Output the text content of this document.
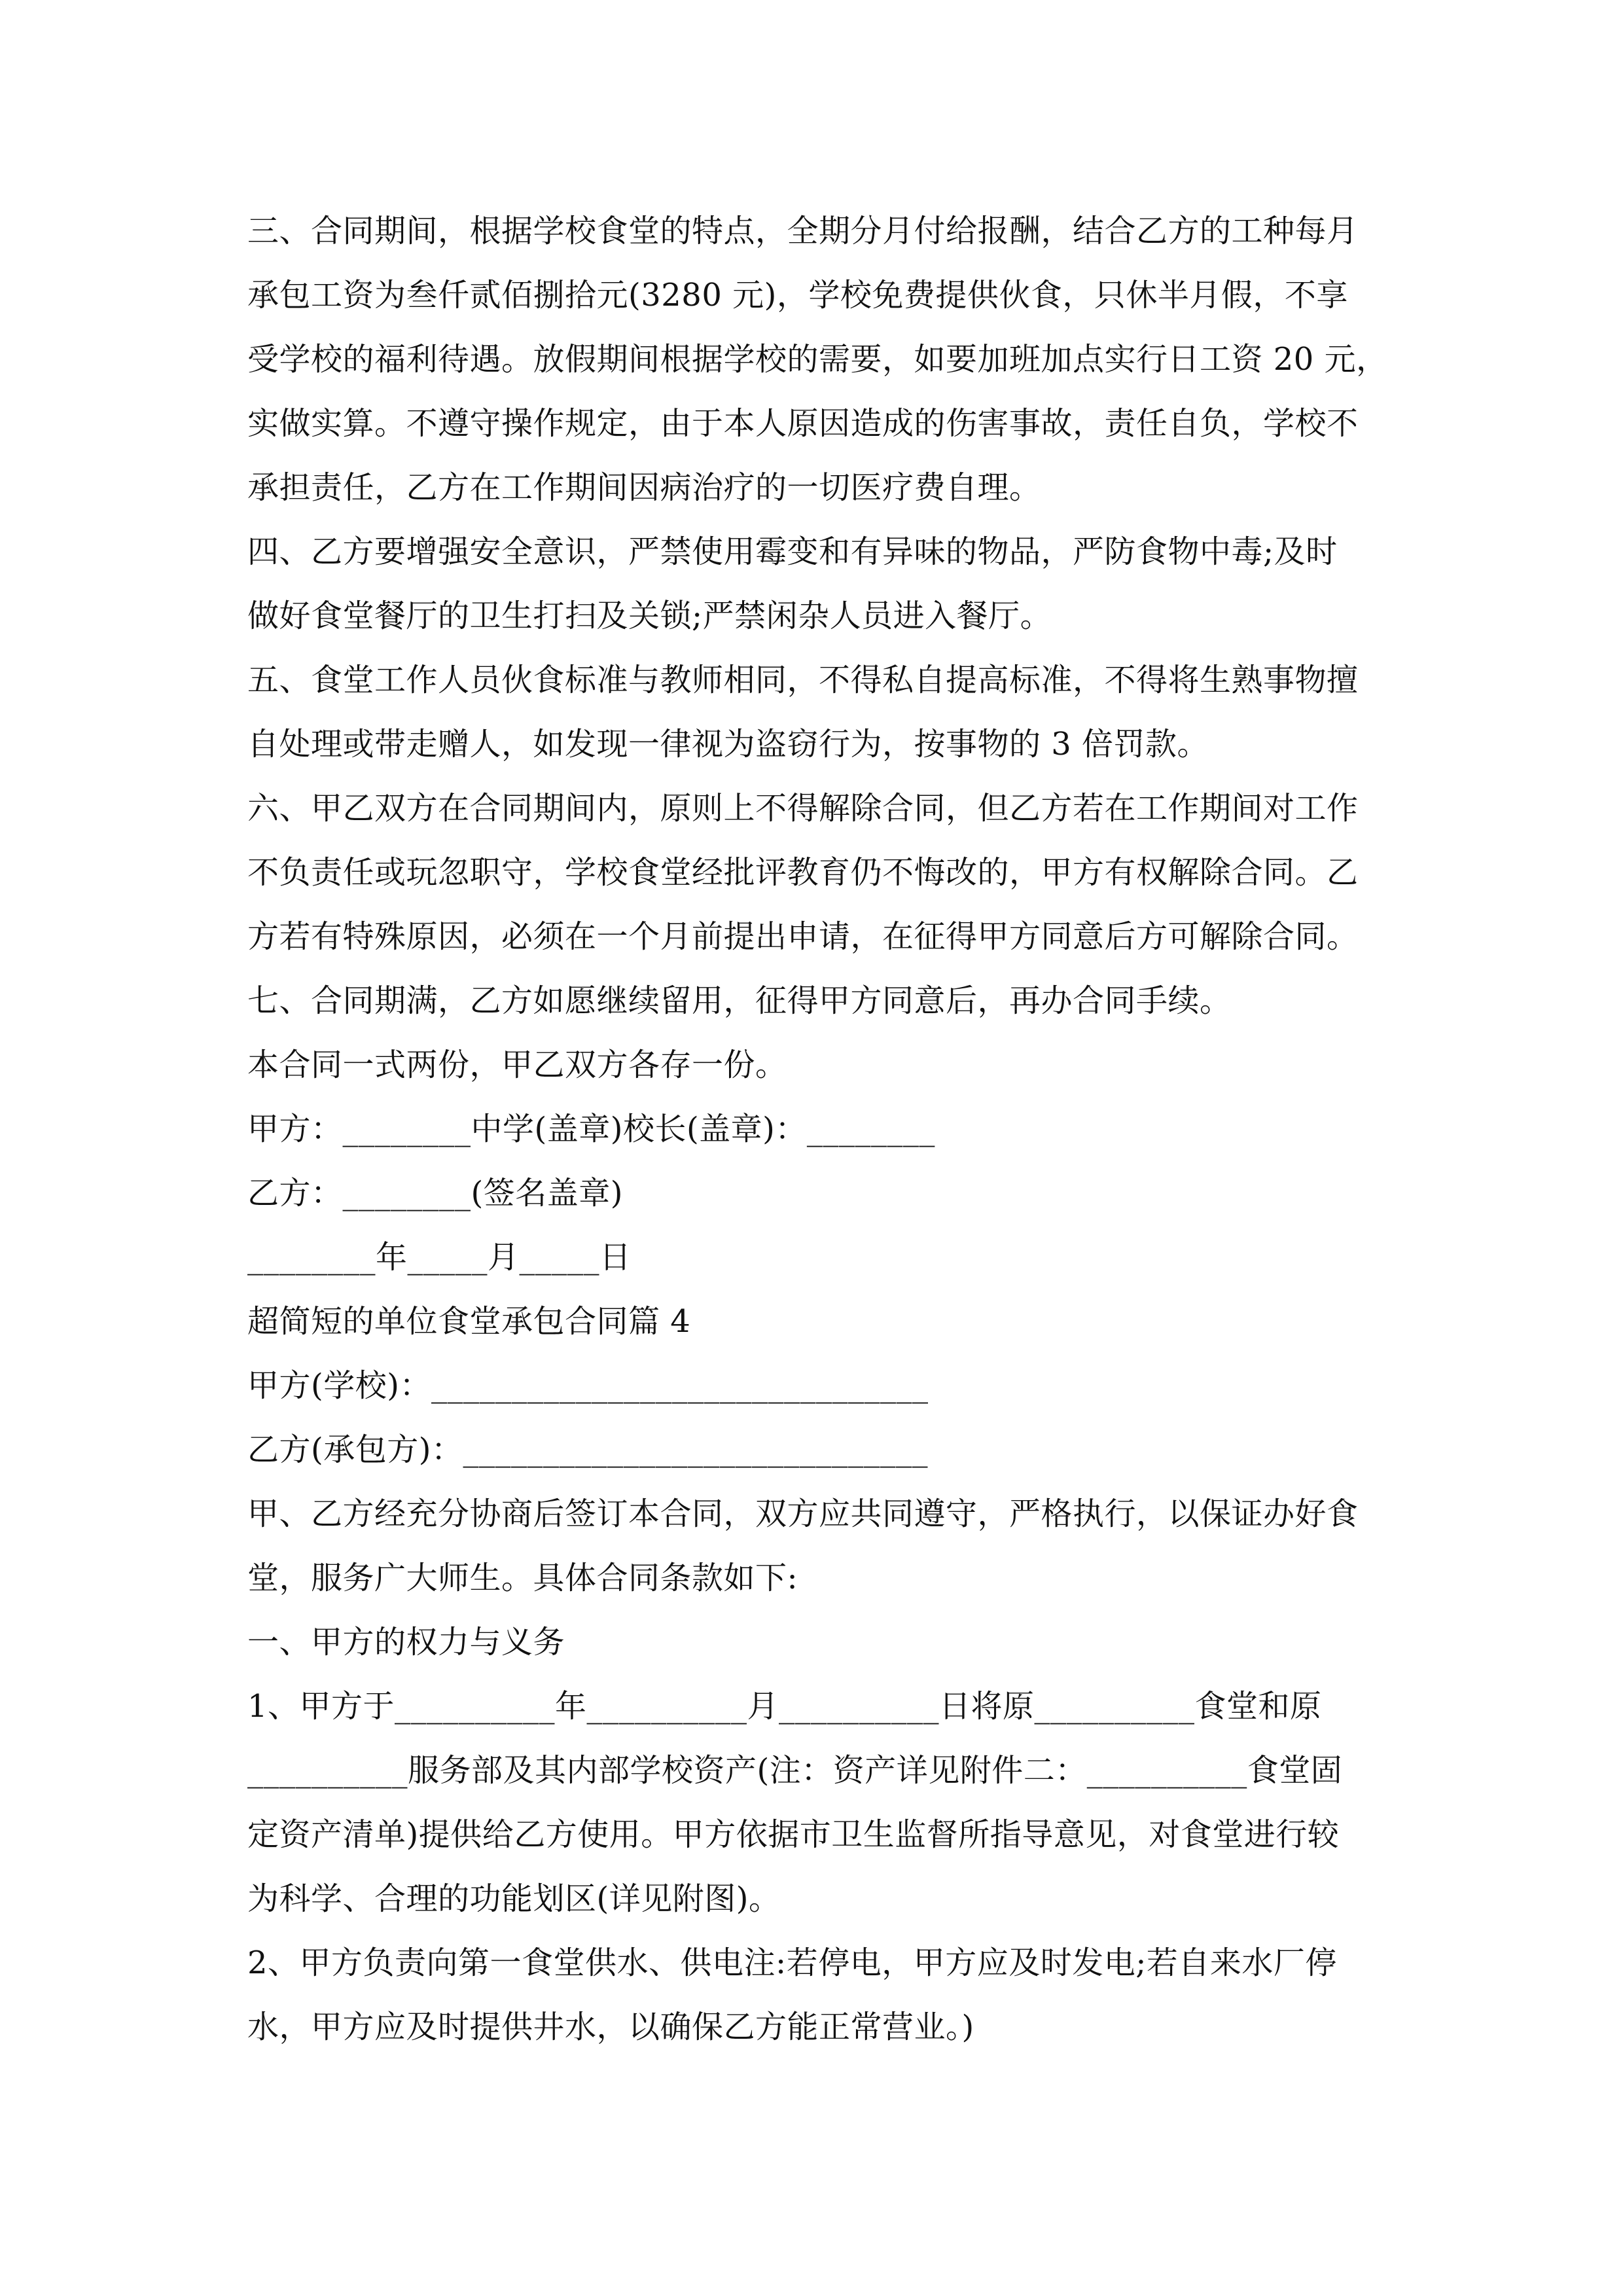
三、合同期间，根据学校食堂的特点，全期分月付给报酬，结合乙方的工种每月
承包工资为叁仟贰佰捌拾元(3280 元)，学校免费提供伙食，只休半月假，不享
受学校的福利待遇。放假期间根据学校的需要，如要加班加点实行日工资 20 元，
实做实算。不遵守操作规定，由于本人原因造成的伤害事故，责任自负，学校不
承担责任，乙方在工作期间因病治疗的一切医疗费自理。
四、乙方要增强安全意识，严禁使用霉变和有异味的物品，严防食物中毒;及时
做好食堂餐厅的卫生打扫及关锁;严禁闲杂人员进入餐厅。
五、食堂工作人员伙食标准与教师相同，不得私自提高标准，不得将生熟事物擅
自处理或带走赠人，如发现一律视为盗窃行为，按事物的 3 倍罚款。
六、甲乙双方在合同期间内，原则上不得解除合同，但乙方若在工作期间对工作
不负责任或玩忽职守，学校食堂经批评教育仍不悔改的，甲方有权解除合同。乙
方若有特殊原因，必须在一个月前提出申请，在征得甲方同意后方可解除合同。
七、合同期满，乙方如愿继续留用，征得甲方同意后，再办合同手续。
本合同一式两份，甲乙双方各存一份。
甲方：________中学(盖章)校长(盖章)：________
乙方：________(签名盖章)
________年_____月_____日
超简短的单位食堂承包合同篇 4
甲方(学校)：_______________________________
乙方(承包方)：_____________________________
甲、乙方经充分协商后签订本合同，双方应共同遵守，严格执行，以保证办好食
堂，服务广大师生。具体合同条款如下:
一、甲方的权力与义务
1、甲方于__________年__________月__________日将原__________食堂和原
__________服务部及其内部学校资产(注：资产详见附件二：__________食堂固
定资产清单)提供给乙方使用。甲方依据市卫生监督所指导意见，对食堂进行较
为科学、合理的功能划区(详见附图)。
2、甲方负责向第一食堂供水、供电注:若停电，甲方应及时发电;若自来水厂停
水，甲方应及时提供井水，以确保乙方能正常营业。)
